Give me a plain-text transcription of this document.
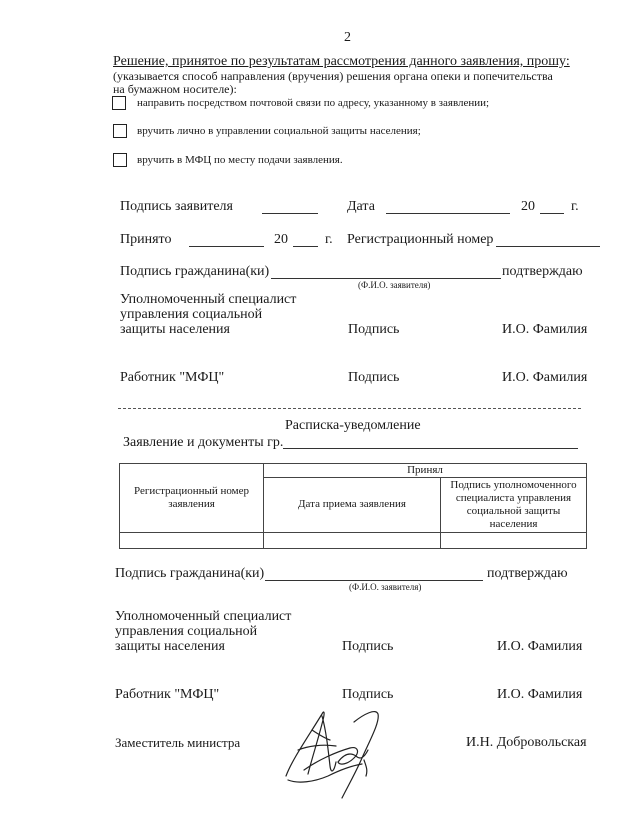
2
Решение, принятое по результатам рассмотрения данного заявления, прошу:
(указывается способ направления (вручения) решения органа опеки и попечительства
на бумажном носителе):
направить посредством почтовой связи по адресу, указанному в заявлении;
вручить лично в управлении социальной защиты населения;
вручить в МФЦ по месту подачи заявления.
Подпись заявителя	Дата	20	г.
Принято	20	г. Регистрационный номер
Подпись гражданина(ки)	подтверждаю
(Ф.И.О. заявителя)
Уполномоченный специалист
управления социальной
защиты населения	Подпись	И.О. Фамилия
Работник "МФЦ"	Подпись	И.О. Фамилия
Расписка-уведомление
Заявление и документы гр.
Регистрационный номер заявления	Принял	
	Дата приема заявления	Подпись уполномоченного специалиста управления социальной защиты населения

Подпись гражданина(ки)	подтверждаю
(Ф.И.О. заявителя)
Уполномоченный специалист
управления социальной
защиты населения	Подпись	И.О. Фамилия
Работник "МФЦ"	Подпись	И.О. Фамилия
Заместитель министра	И.Н. Добровольская
